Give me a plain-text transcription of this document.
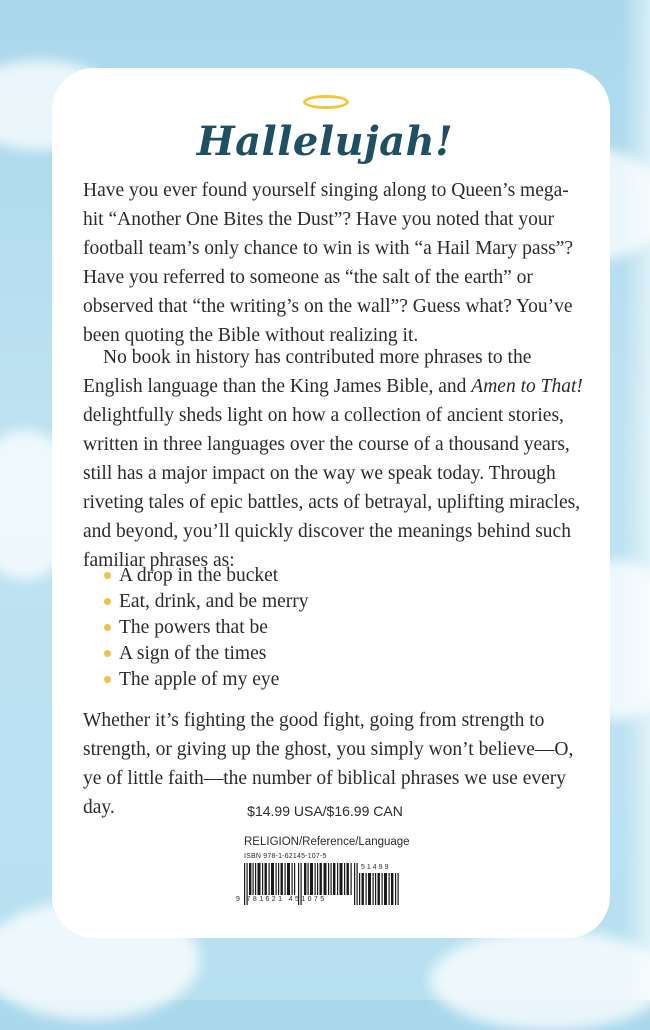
Hallelujah!
Have you ever found yourself singing along to Queen’s mega-hit “Another One Bites the Dust”? Have you noted that your football team’s only chance to win is with “a Hail Mary pass”? Have you referred to someone as “the salt of the earth” or observed that “the writing’s on the wall”? Guess what? You’ve been quoting the Bible without realizing it.
No book in history has contributed more phrases to the English language than the King James Bible, and Amen to That! delightfully sheds light on how a collection of ancient stories, written in three languages over the course of a thousand years, still has a major impact on the way we speak today. Through riveting tales of epic battles, acts of betrayal, uplifting miracles, and beyond, you’ll quickly discover the meanings behind such familiar phrases as:
A drop in the bucket
Eat, drink, and be merry
The powers that be
A sign of the times
The apple of my eye
Whether it’s fighting the good fight, going from strength to strength, or giving up the ghost, you simply won’t believe—O, ye of little faith—the number of biblical phrases we use every day.	$14.99 USA/$16.99 CAN
RELIGION/Reference/Language
ISBN 978-1-62145-107-5
9 781621 451075
51499
